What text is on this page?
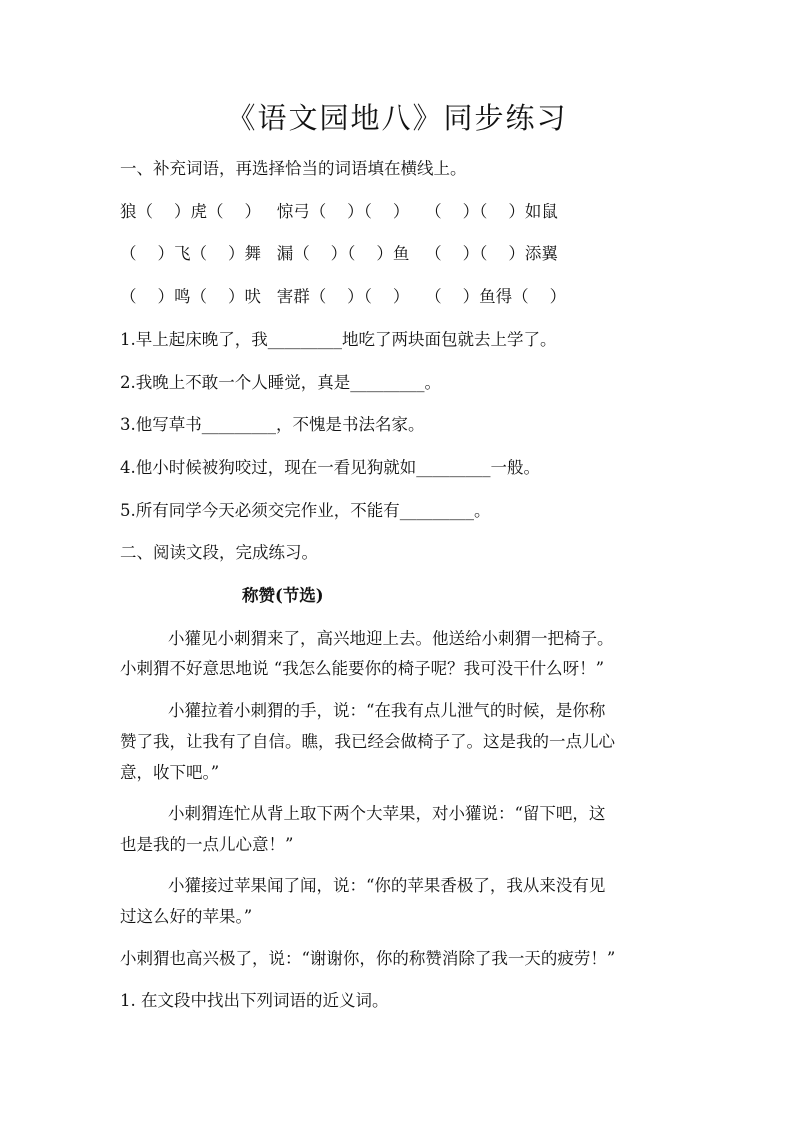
《语文园地八》同步练习
一、补充词语，再选择恰当的词语填在横线上。
狼（    ）虎（    ）   惊弓（    ）（    ）   （    ）（    ）如鼠
（    ）飞（    ）舞   漏（    ）（    ）鱼   （    ）（    ）添翼
（    ）鸣（    ）吠   害群（    ）（    ）   （    ）鱼得（    ）
1.早上起床晚了，我_________地吃了两块面包就去上学了。
2.我晚上不敢一个人睡觉，真是_________。
3.他写草书_________，不愧是书法名家。
4.他小时候被狗咬过，现在一看见狗就如_________一般。
5.所有同学今天必须交完作业，不能有_________。
二、阅读文段，完成练习。
称赞(节选)
小獾见小刺猬来了，高兴地迎上去。他送给小刺猬一把椅子。
小刺猬不好意思地说 “我怎么能要你的椅子呢？我可没干什么呀！”
小獾拉着小刺猬的手，说：“在我有点儿泄气的时候，是你称
赞了我，让我有了自信。瞧，我已经会做椅子了。这是我的一点儿心
意，收下吧。”
小刺猬连忙从背上取下两个大苹果，对小獾说：“留下吧，这
也是我的一点儿心意！”
小獾接过苹果闻了闻，说：“你的苹果香极了，我从来没有见
过这么好的苹果。”
小刺猬也高兴极了，说：“谢谢你，你的称赞消除了我一天的疲劳！”
1. 在文段中找出下列词语的近义词。
